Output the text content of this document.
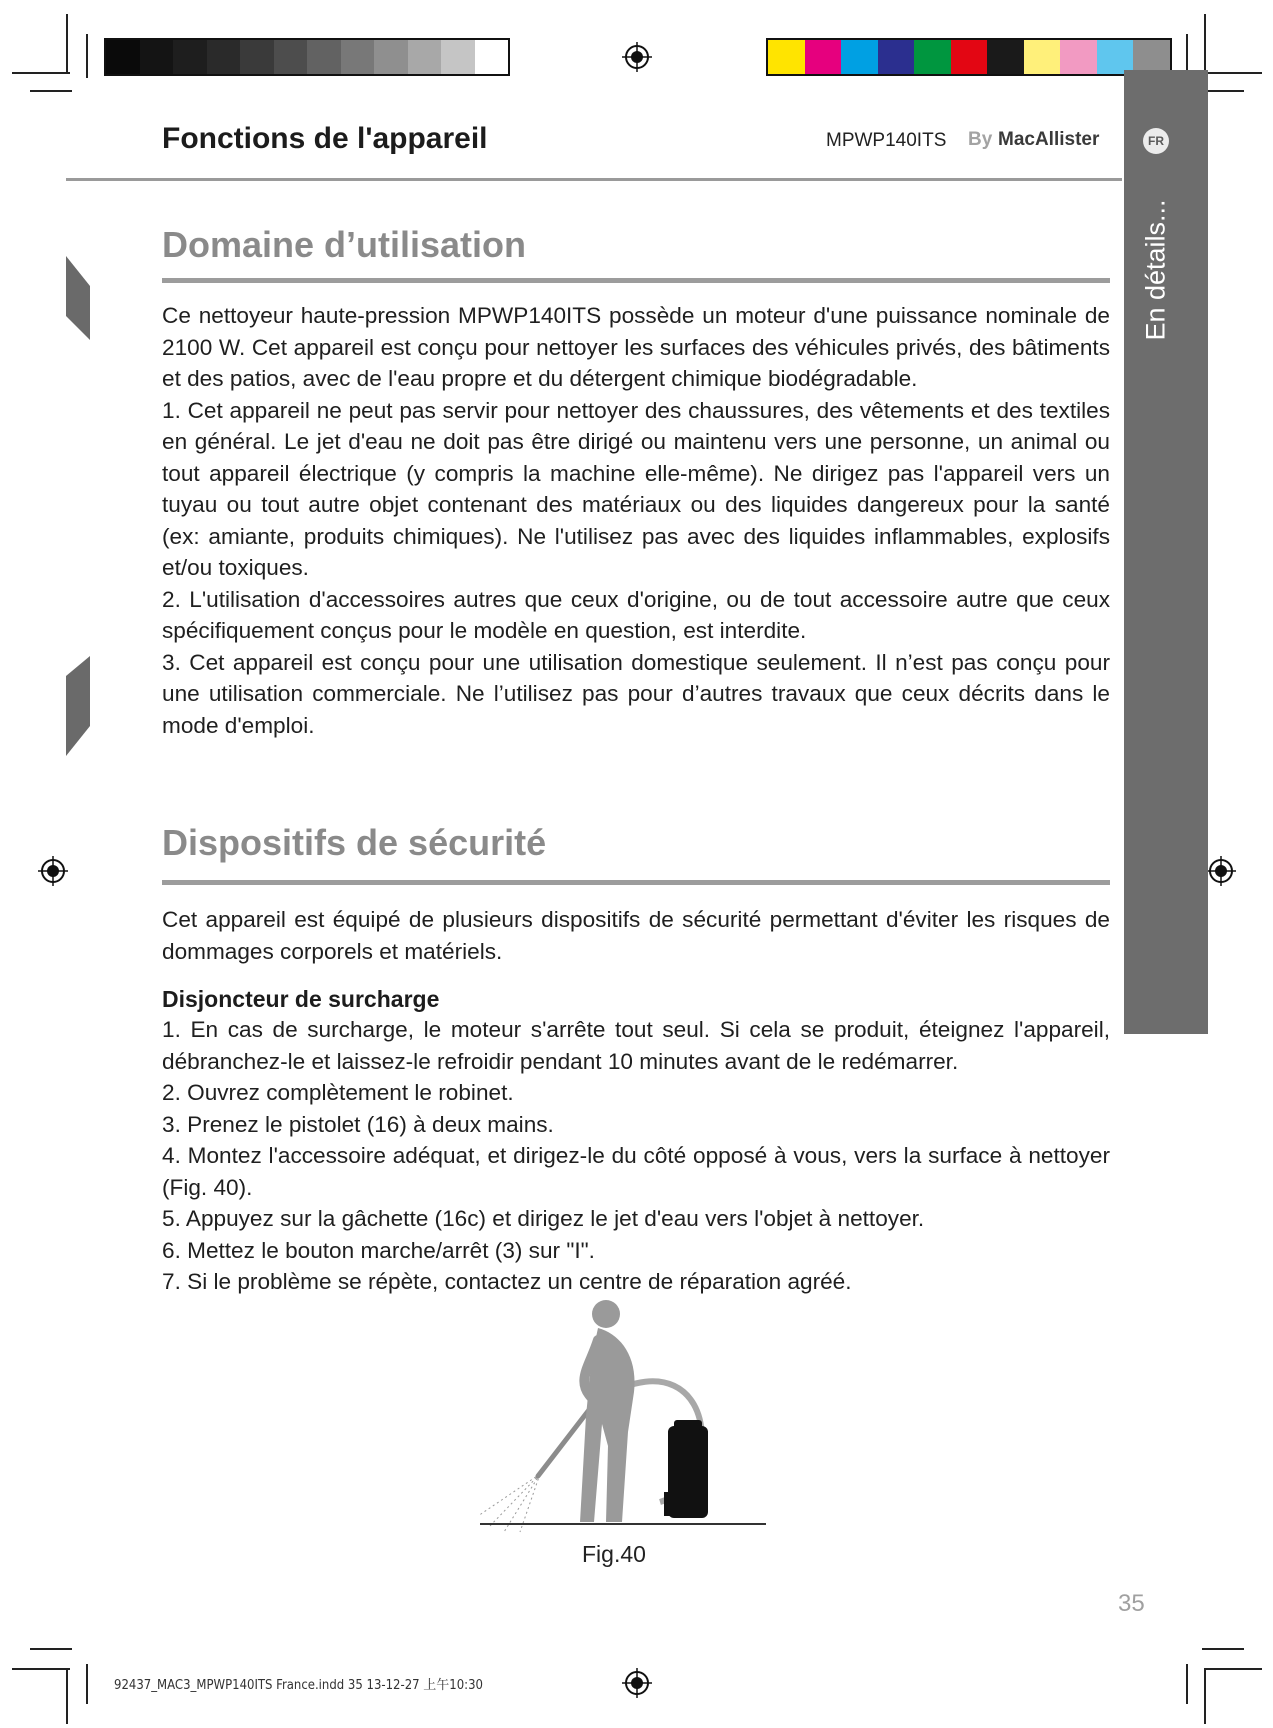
Fonctions de l'appareil	MPWP140ITS By MacAllister	FR
En détails...
Domaine d’utilisation

Ce nettoyeur haute-pression MPWP140ITS possède un moteur d'une puissance nominale de 2100 W. Cet appareil est conçu pour nettoyer les surfaces des véhicules privés, des bâtiments et des patios, avec de l'eau propre et du détergent chimique biodégradable.

1. Cet appareil ne peut pas servir pour nettoyer des chaussures, des vêtements et des textiles en général. Le jet d'eau ne doit pas être dirigé ou maintenu vers une personne, un animal ou tout appareil électrique (y compris la machine elle-même). Ne dirigez pas l'appareil vers un tuyau ou tout autre objet contenant des matériaux ou des liquides dangereux pour la santé (ex: amiante, produits chimiques). Ne l'utilisez pas avec des liquides inflammables, explosifs et/ou toxiques.

2. L'utilisation d'accessoires autres que ceux d'origine, ou de tout accessoire autre que ceux spécifiquement conçus pour le modèle en question, est interdite.

3. Cet appareil est conçu pour une utilisation domestique seulement. Il n’est pas conçu pour une utilisation commerciale. Ne l’utilisez pas pour d’autres travaux que ceux décrits dans le mode d'emploi.

Dispositifs de sécurité

Cet appareil est équipé de plusieurs dispositifs de sécurité permettant d'éviter les risques de dommages corporels et matériels.

Disjoncteur de surcharge

1. En cas de surcharge, le moteur s'arrête tout seul. Si cela se produit, éteignez l'appareil, débranchez-le et laissez-le refroidir pendant 10 minutes avant de le redémarrer.

2. Ouvrez complètement le robinet.

3. Prenez le pistolet (16) à deux mains.

4. Montez l'accessoire adéquat, et dirigez-le du côté opposé à vous, vers la surface à nettoyer (Fig. 40).

5. Appuyez sur la gâchette (16c) et dirigez le jet d'eau vers l'objet à nettoyer.

6. Mettez le bouton marche/arrêt (3) sur "I".

7. Si le problème se répète, contactez un centre de réparation agréé.

Fig.40
35
92437_MAC3_MPWP140ITS France.indd 35 13-12-27 上午10:30
